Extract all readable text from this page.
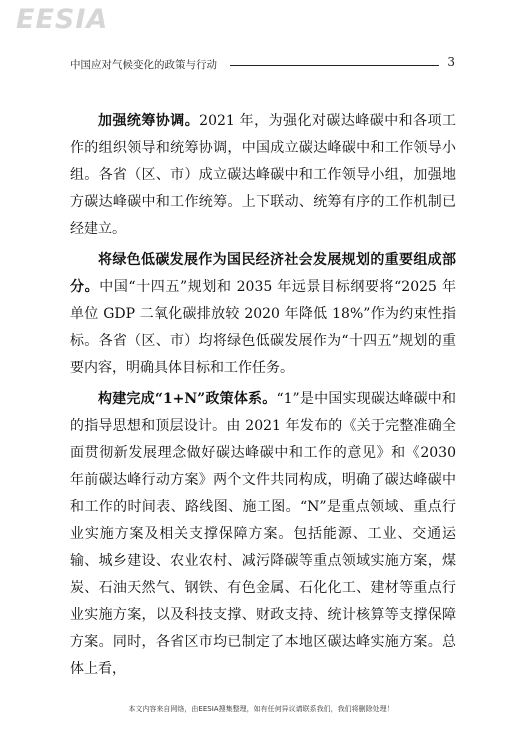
EESIA
中国应对气候变化的政策与行动	3

加强统筹协调。2021 年，为强化对碳达峰碳中和各项工作的组织领导和统筹协调，中国成立碳达峰碳中和工作领导小组。各省（区、市）成立碳达峰碳中和工作领导小组，加强地方碳达峰碳中和工作统筹。上下联动、统筹有序的工作机制已经建立。

将绿色低碳发展作为国民经济社会发展规划的重要组成部分。中国“十四五”规划和 2035 年远景目标纲要将“2025 年单位 GDP 二氧化碳排放较 2020 年降低 18%”作为约束性指标。各省（区、市）均将绿色低碳发展作为“十四五”规划的重要内容，明确具体目标和工作任务。

构建完成“1+N”政策体系。“1”是中国实现碳达峰碳中和的指导思想和顶层设计。由 2021 年发布的《关于完整准确全面贯彻新发展理念做好碳达峰碳中和工作的意见》和《2030 年前碳达峰行动方案》两个文件共同构成，明确了碳达峰碳中和工作的时间表、路线图、施工图。“N”是重点领域、重点行业实施方案及相关支撑保障方案。包括能源、工业、交通运输、城乡建设、农业农村、减污降碳等重点领域实施方案，煤炭、石油天然气、钢铁、有色金属、石化化工、建材等重点行业实施方案，以及科技支撑、财政支持、统计核算等支撑保障方案。同时，各省区市均已制定了本地区碳达峰实施方案。总体上看，

本文内容来自网络，由EESIA搜集整理，如有任何异议请联系我们，我们将删除处理！
